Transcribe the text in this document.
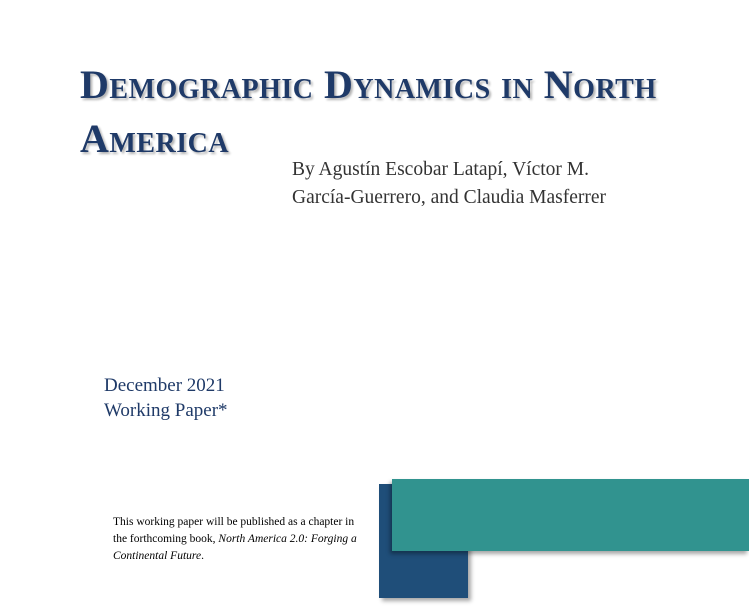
Demographic Dynamics in North America
By Agustín Escobar Latapí, Víctor M.
García-Guerrero, and Claudia Masferrer
December 2021
Working Paper*

This working paper will be published as a chapter in the forthcoming book, North America 2.0: Forging a Continental Future.
